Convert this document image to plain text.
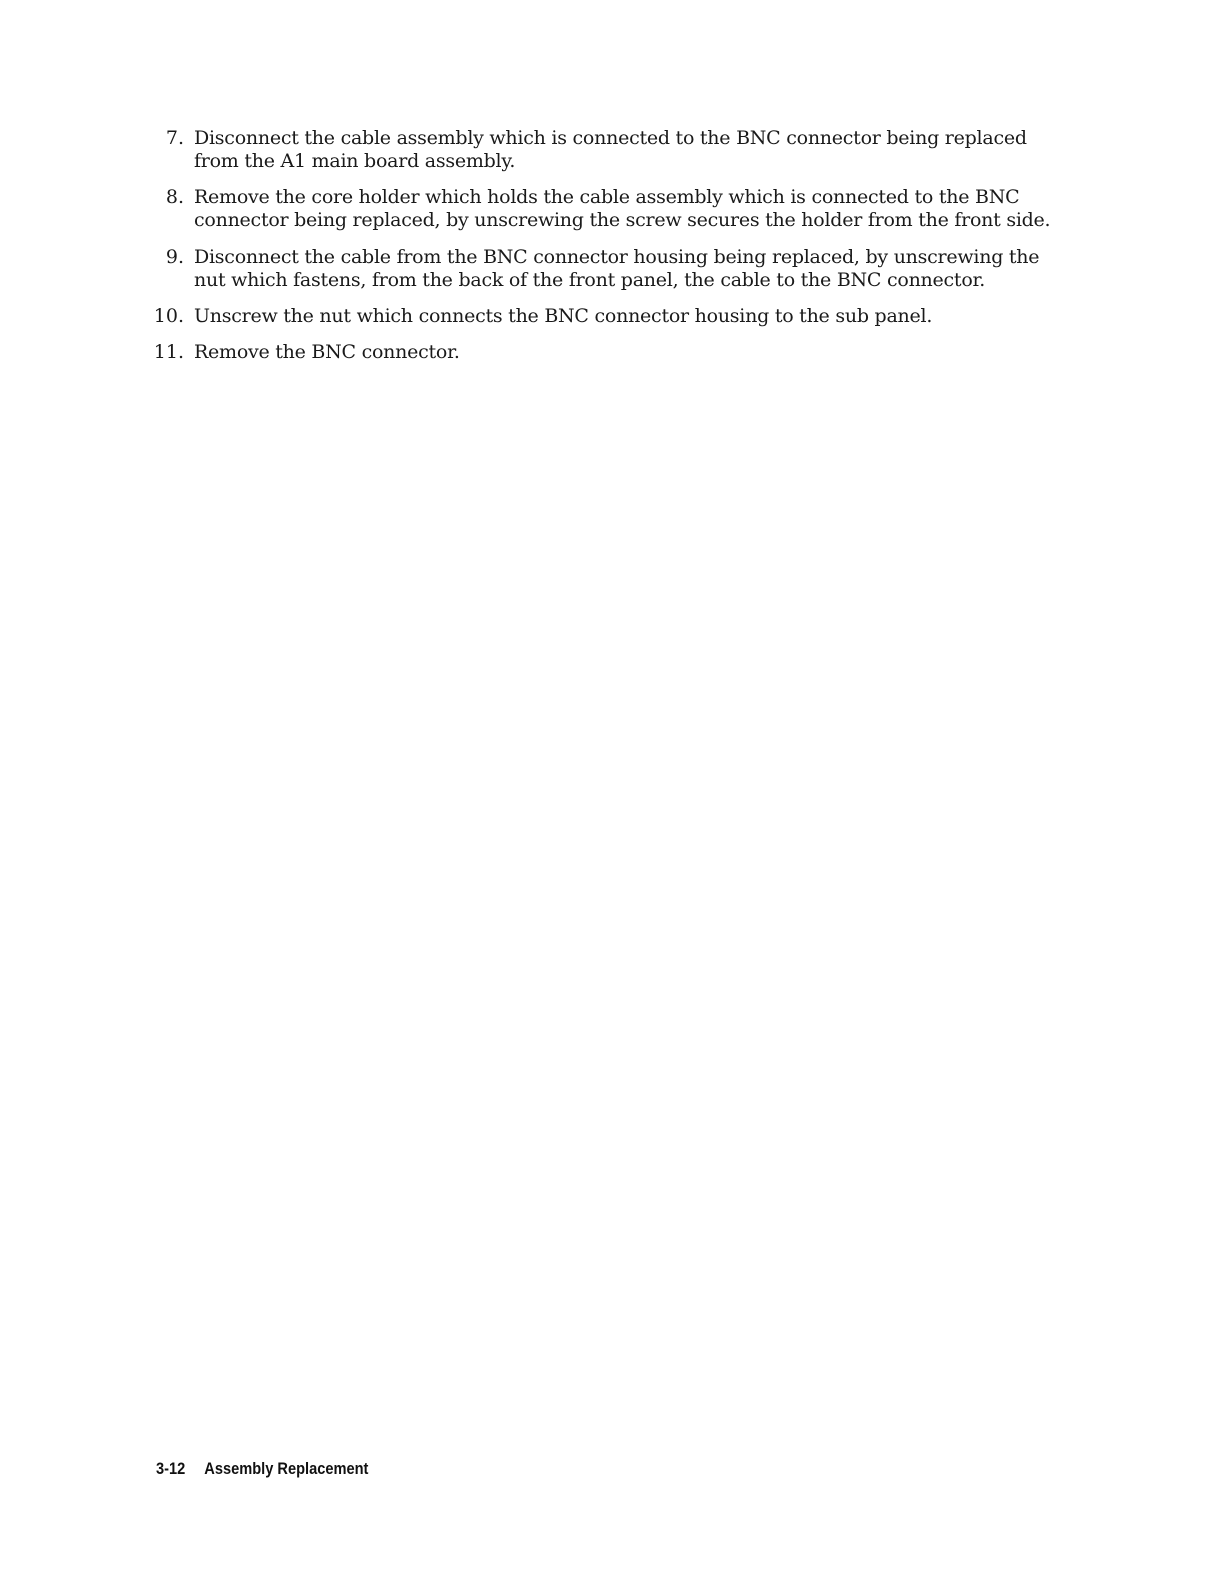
7. Disconnect the cable assembly which is connected to the BNC connector being replaced from the A1 main board assembly.
8. Remove the core holder which holds the cable assembly which is connected to the BNC connector being replaced, by unscrewing the screw secures the holder from the front side.
9. Disconnect the cable from the BNC connector housing being replaced, by unscrewing the nut which fastens, from the back of the front panel, the cable to the BNC connector.
10. Unscrew the nut which connects the BNC connector housing to the sub panel.
11. Remove the BNC connector.
3-12 Assembly Replacement
